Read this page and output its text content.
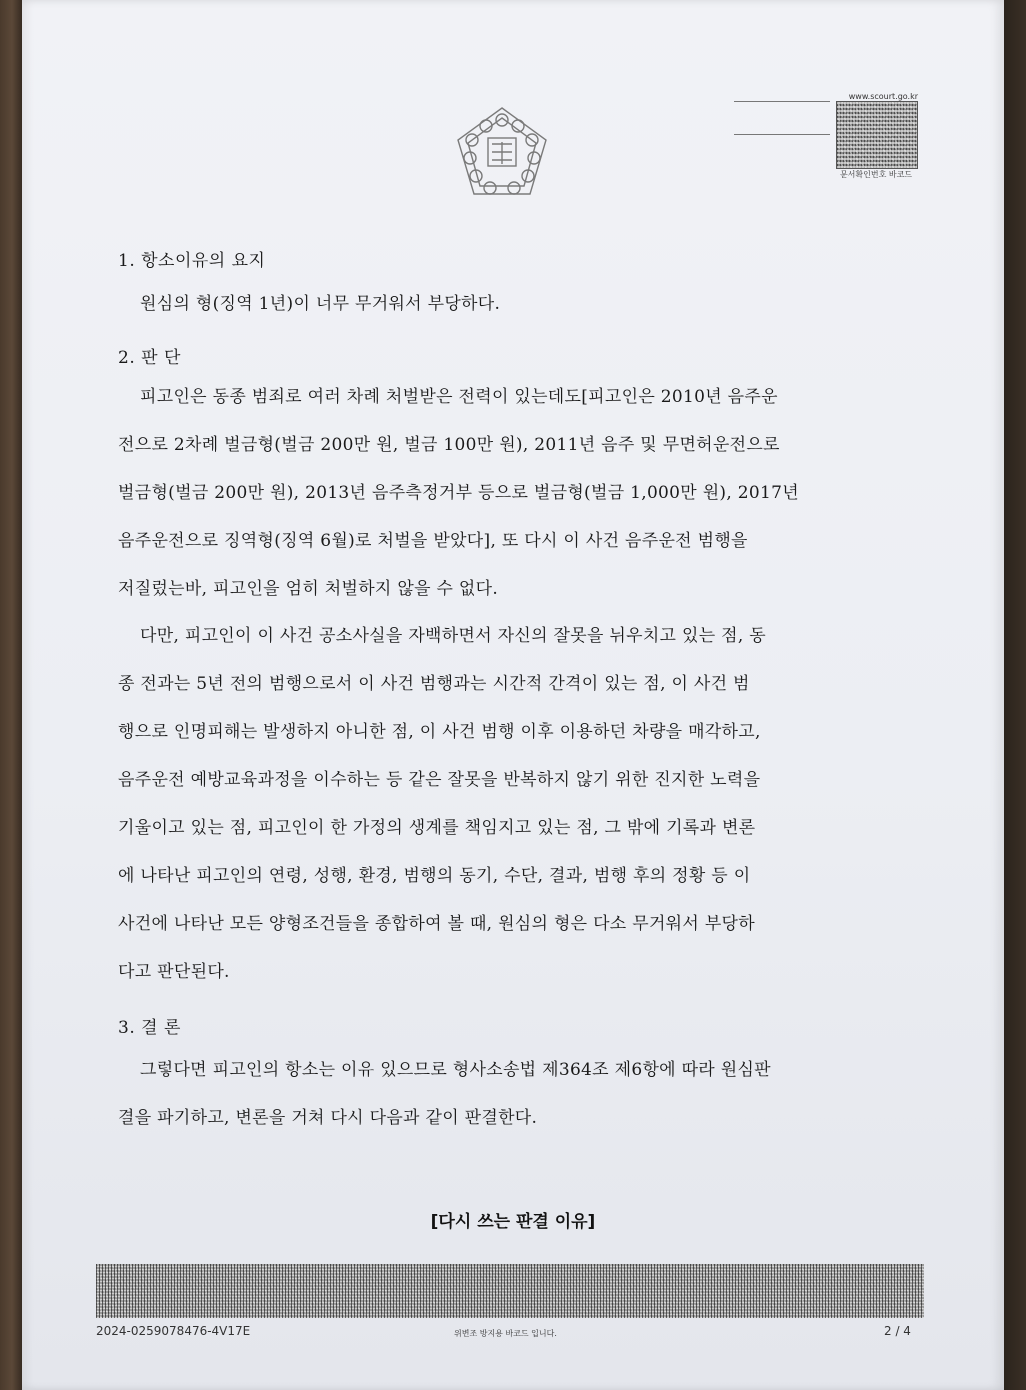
www.scourt.go.kr
문서확인번호 바코드
1. 항소이유의 요지
원심의 형(징역 1년)이 너무 무거워서 부당하다.
2. 판 단
피고인은 동종 범죄로 여러 차례 처벌받은 전력이 있는데도[피고인은 2010년 음주운
전으로 2차례 벌금형(벌금 200만 원, 벌금 100만 원), 2011년 음주 및 무면허운전으로
벌금형(벌금 200만 원), 2013년 음주측정거부 등으로 벌금형(벌금 1,000만 원), 2017년
음주운전으로 징역형(징역 6월)로 처벌을 받았다], 또 다시 이 사건 음주운전 범행을
저질렀는바, 피고인을 엄히 처벌하지 않을 수 없다.
다만, 피고인이 이 사건 공소사실을 자백하면서 자신의 잘못을 뉘우치고 있는 점, 동
종 전과는 5년 전의 범행으로서 이 사건 범행과는 시간적 간격이 있는 점, 이 사건 범
행으로 인명피해는 발생하지 아니한 점, 이 사건 범행 이후 이용하던 차량을 매각하고,
음주운전 예방교육과정을 이수하는 등 같은 잘못을 반복하지 않기 위한 진지한 노력을
기울이고 있는 점, 피고인이 한 가정의 생계를 책임지고 있는 점, 그 밖에 기록과 변론
에 나타난 피고인의 연령, 성행, 환경, 범행의 동기, 수단, 결과, 범행 후의 정황 등 이
사건에 나타난 모든 양형조건들을 종합하여 볼 때, 원심의 형은 다소 무거워서 부당하
다고 판단된다.
3. 결 론
그렇다면 피고인의 항소는 이유 있으므로 형사소송법 제364조 제6항에 따라 원심판
결을 파기하고, 변론을 거쳐 다시 다음과 같이 판결한다.
[다시 쓰는 판결 이유]
2024-0259078476-4V17E	위변조 방지용 바코드 입니다.	2 / 4
